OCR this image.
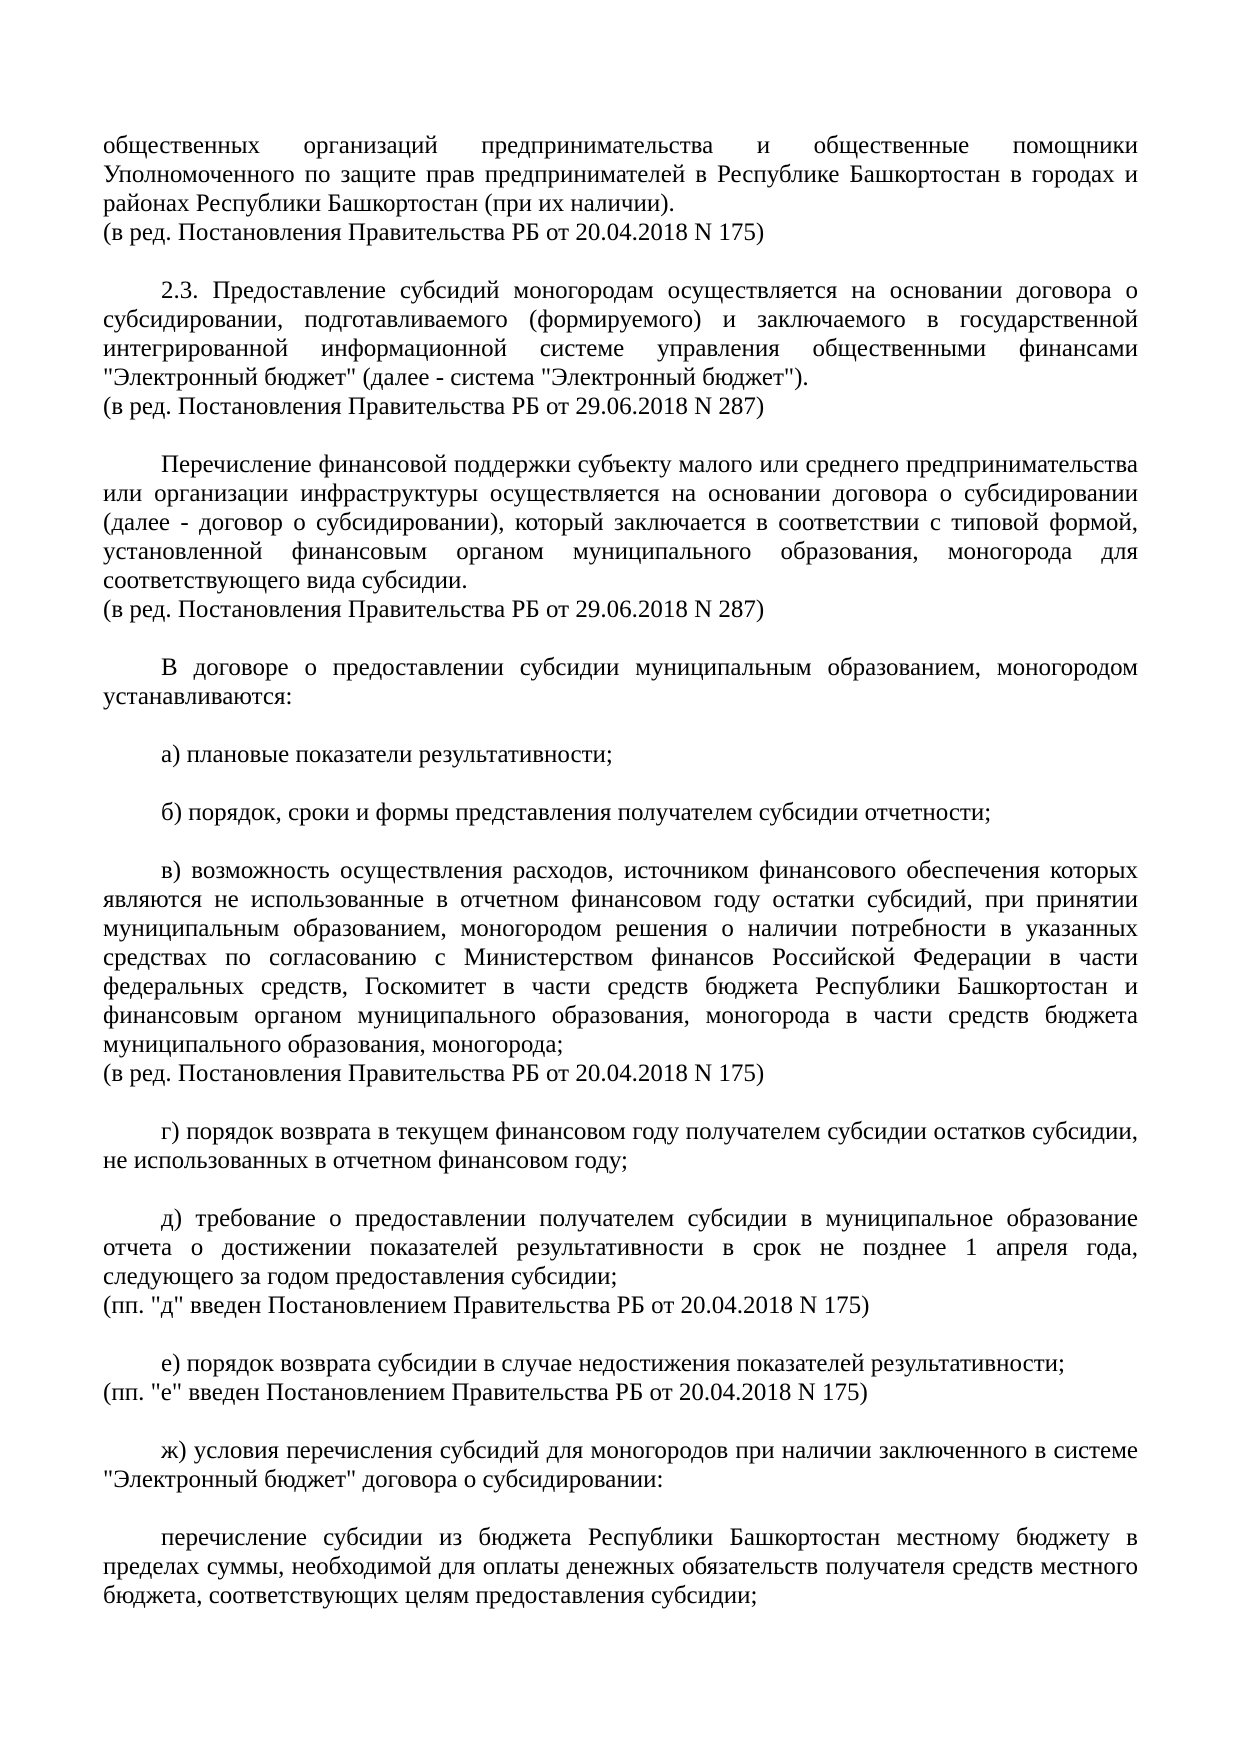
общественных организаций предпринимательства и общественные помощники Уполномоченного по защите прав предпринимателей в Республике Башкортостан в городах и районах Республики Башкортостан (при их наличии).

(в ред. Постановления Правительства РБ от 20.04.2018 N 175)

2.3. Предоставление субсидий моногородам осуществляется на основании договора о субсидировании, подготавливаемого (формируемого) и заключаемого в государственной интегрированной информационной системе управления общественными финансами "Электронный бюджет" (далее - система "Электронный бюджет").

(в ред. Постановления Правительства РБ от 29.06.2018 N 287)

Перечисление финансовой поддержки субъекту малого или среднего предпринимательства или организации инфраструктуры осуществляется на основании договора о субсидировании (далее - договор о субсидировании), который заключается в соответствии с типовой формой, установленной финансовым органом муниципального образования, моногорода для соответствующего вида субсидии.

(в ред. Постановления Правительства РБ от 29.06.2018 N 287)

В договоре о предоставлении субсидии муниципальным образованием, моногородом устанавливаются:

а) плановые показатели результативности;

б) порядок, сроки и формы представления получателем субсидии отчетности;

в) возможность осуществления расходов, источником финансового обеспечения которых являются не использованные в отчетном финансовом году остатки субсидий, при принятии муниципальным образованием, моногородом решения о наличии потребности в указанных средствах по согласованию с Министерством финансов Российской Федерации в части федеральных средств, Госкомитет в части средств бюджета Республики Башкортостан и финансовым органом муниципального образования, моногорода в части средств бюджета муниципального образования, моногорода;

(в ред. Постановления Правительства РБ от 20.04.2018 N 175)

г) порядок возврата в текущем финансовом году получателем субсидии остатков субсидии, не использованных в отчетном финансовом году;

д) требование о предоставлении получателем субсидии в муниципальное образование отчета о достижении показателей результативности в срок не позднее 1 апреля года, следующего за годом предоставления субсидии;

(пп. "д" введен Постановлением Правительства РБ от 20.04.2018 N 175)

е) порядок возврата субсидии в случае недостижения показателей результативности;

(пп. "е" введен Постановлением Правительства РБ от 20.04.2018 N 175)

ж) условия перечисления субсидий для моногородов при наличии заключенного в системе "Электронный бюджет" договора о субсидировании:

перечисление субсидии из бюджета Республики Башкортостан местному бюджету в пределах суммы, необходимой для оплаты денежных обязательств получателя средств местного бюджета, соответствующих целям предоставления субсидии;
